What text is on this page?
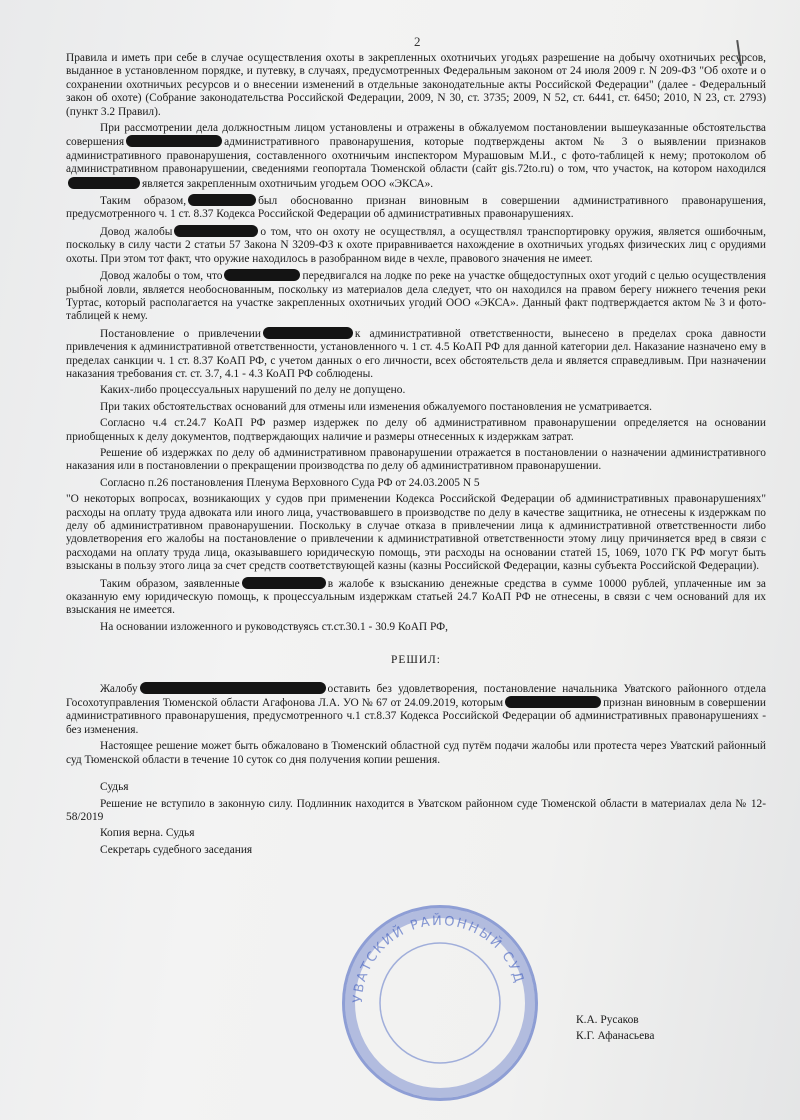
2

Правила и иметь при себе в случае осуществления охоты в закрепленных охотничьих угодьях разрешение на добычу охотничьих ресурсов, выданное в установленном порядке, и путевку, в случаях, предусмотренных Федеральным законом от 24 июля 2009 г. N 209-ФЗ "Об охоте и о сохранении охотничьих ресурсов и о внесении изменений в отдельные законодательные акты Российской Федерации" (далее - Федеральный закон об охоте) (Собрание законодательства Российской Федерации, 2009, N 30, ст. 3735; 2009, N 52, ст. 6441, ст. 6450; 2010, N 23, ст. 2793) (пункт 3.2 Правил).

При рассмотрении дела должностным лицом установлены и отражены в обжалуемом постановлении вышеуказанные обстоятельства совершения	административного правонарушения, которые подтверждены актом № 3 о выявлении признаков административного правонарушения, составленного охотничьим инспектором Мурашовым М.И., с фото-таблицей к нему; протоколом об административном правонарушении, сведениями геопортала Тюменской области (сайт gis.72to.ru) о том, что участок, на котором находилсяявляется закрепленным охотничьим угодьем ООО «ЭКСА».

Таким образом,	был обоснованно признан виновным в совершении административного правонарушения, предусмотренного ч. 1 ст. 8.37 Кодекса Российской Федерации об административных правонарушениях.

Довод жалобы	о том, что он охоту не осуществлял, а осуществлял транспортировку оружия, является ошибочным, поскольку в силу части 2 статьи 57 Закона N 3209-ФЗ к охоте приравнивается нахождение в охотничьих угодьях физических лиц с орудиями охоты. При этом тот факт, что оружие находилось в разобранном виде в чехле, правового значения не имеет.

Довод жалобы о том, что	передвигался на лодке по реке на участке общедоступных охот угодий с целью осуществления рыбной ловли, является необоснованным, поскольку из материалов дела следует, что он находился на правом берегу нижнего течения реки Туртас, который располагается на участке закрепленных охотничьих угодий ООО «ЭКСА». Данный факт подтверждается актом № 3 и фото-таблицей к нему.

Постановление о привлечении	к административной ответственности, вынесено в пределах срока давности привлечения к административной ответственности, установленного ч. 1 ст. 4.5 КоАП РФ для данной категории дел. Наказание назначено ему в пределах санкции ч. 1 ст. 8.37 КоАП РФ, с учетом данных о его личности, всех обстоятельств дела и является справедливым. При назначении наказания требования ст. ст. 3.7, 4.1 - 4.3 КоАП РФ соблюдены.

Каких-либо процессуальных нарушений по делу не допущено.

При таких обстоятельствах оснований для отмены или изменения обжалуемого постановления не усматривается.

Согласно ч.4 ст.24.7 КоАП РФ размер издержек по делу об административном правонарушении определяется на основании приобщенных к делу документов, подтверждающих наличие и размеры отнесенных к издержкам затрат.

Решение об издержках по делу об административном правонарушении отражается в постановлении о назначении административного наказания или в постановлении о прекращении производства по делу об административном правонарушении.

Согласно п.26 постановления Пленума Верховного Суда РФ от 24.03.2005 N 5

"О некоторых вопросах, возникающих у судов при применении Кодекса Российской Федерации об административных правонарушениях" расходы на оплату труда адвоката или иного лица, участвовавшего в производстве по делу в качестве защитника, не отнесены к издержкам по делу об административном правонарушении. Поскольку в случае отказа в привлечении лица к административной ответственности либо удовлетворения его жалобы на постановление о привлечении к административной ответственности этому лицу причиняется вред в связи с расходами на оплату труда лица, оказывавшего юридическую помощь, эти расходы на основании статей 15, 1069, 1070 ГК РФ могут быть взысканы в пользу этого лица за счет средств соответствующей казны (казны Российской Федерации, казны субъекта Российской Федерации).

Таким образом, заявленные	в жалобе к взысканию денежные средства в сумме 10000 рублей, уплаченные им за оказанную ему юридическую помощь, к процессуальным издержкам статьей 24.7 КоАП РФ не отнесены, в связи с чем оснований для их взыскания не имеется.

На основании изложенного и руководствуясь ст.ст.30.1 - 30.9 КоАП РФ,

РЕШИЛ:

Жалобу	оставить без удовлетворения, постановление начальника Уватского районного отдела Госохотуправления Тюменской области Агафонова Л.А. УО № 67 от 24.09.2019, которым	признан виновным в совершении административного правонарушения, предусмотренного ч.1 ст.8.37 Кодекса Российской Федерации об административных правонарушениях - без изменения.

Настоящее решение может быть обжаловано в Тюменский областной суд путём подачи жалобы или протеста через Уватский районный суд Тюменской области в течение 10 суток со дня получения копии решения.

Судья

Решение не вступило в законную силу. Подлинник находится в Уватском районном суде Тюменской области в материалах дела № 12-58/2019

Копия верна. Судья

Секретарь судебного заседания

УВАТСКИЙ РАЙОННЫЙ СУД
К.А. Русаков
К.Г. Афанасьева
